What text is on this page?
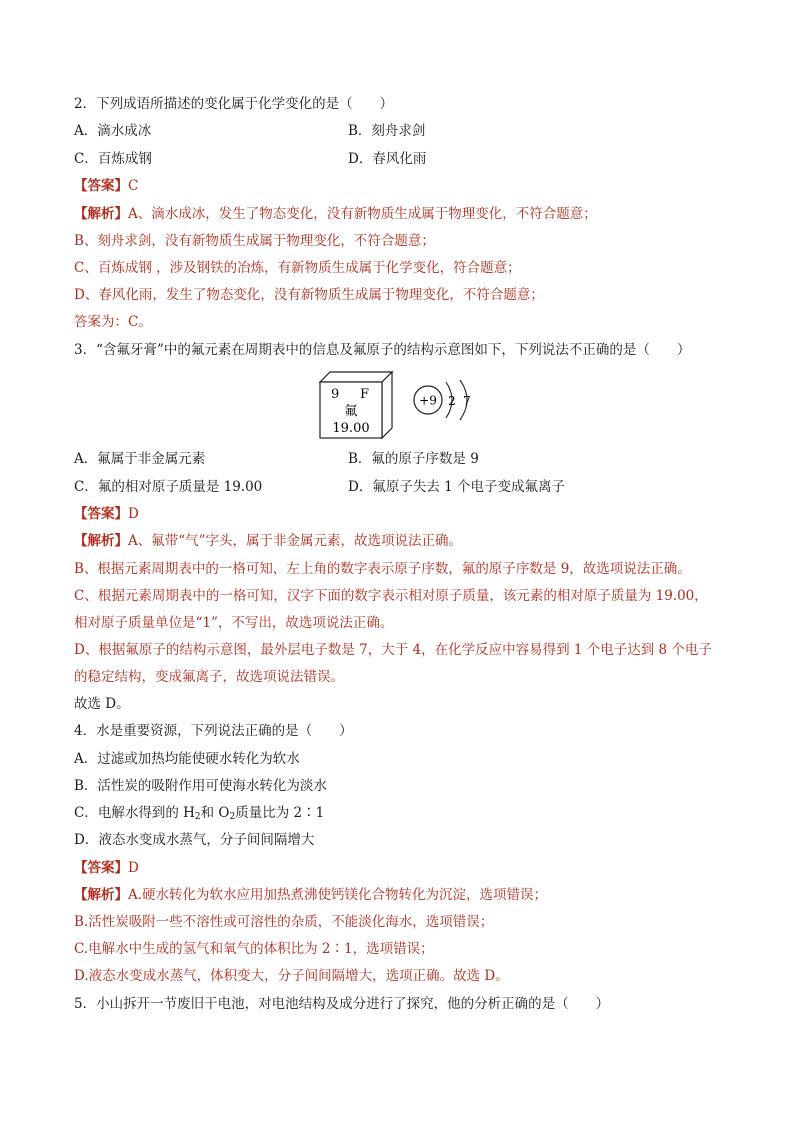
2．下列成语所描述的变化属于化学变化的是（　　）
A．滴水成冰	B．刻舟求剑
C．百炼成钢	D．春风化雨
【答案】C
【解析】A、滴水成冰，发生了物态变化，没有新物质生成属于物理变化，不符合题意；
B、刻舟求剑，没有新物质生成属于物理变化，不符合题意；
C、百炼成钢 ，涉及钢铁的冶炼，有新物质生成属于化学变化，符合题意；
D、春风化雨，发生了物态变化，没有新物质生成属于物理变化，不符合题意；
答案为：C。
3．“含氟牙膏”中的氟元素在周期表中的信息及氟原子的结构示意图如下，下列说法不正确的是（　　）
9 F
氟
19.00
+9 2 7
A．氟属于非金属元素	B．氟的原子序数是 9
C．氟的相对原子质量是 19.00	D．氟原子失去 1 个电子变成氟离子
【答案】D
【解析】A、氟带“气”字头，属于非金属元素，故选项说法正确。
B、根据元素周期表中的一格可知，左上角的数字表示原子序数，氟的原子序数是 9，故选项说法正确。
C、根据元素周期表中的一格可知，汉字下面的数字表示相对原子质量，该元素的相对原子质量为 19.00，
相对原子质量单位是“1”，不写出，故选项说法正确。
D、根据氟原子的结构示意图，最外层电子数是 7，大于 4，在化学反应中容易得到 1 个电子达到 8 个电子
的稳定结构，变成氟离子，故选项说法错误。
故选 D。
4．水是重要资源，下列说法正确的是（　　）
A．过滤或加热均能使硬水转化为软水
B．活性炭的吸附作用可使海水转化为淡水
C．电解水得到的 $H_2$和 $O_2$质量比为 2∶1
D．液态水变成水蒸气，分子间间隔增大
【答案】D
【解析】A.硬水转化为软水应用加热煮沸使钙镁化合物转化为沉淀，选项错误；
B.活性炭吸附一些不溶性或可溶性的杂质，不能淡化海水，选项错误；
C.电解水中生成的氢气和氧气的体积比为 2∶1，选项错误；
D.液态水变成水蒸气，体积变大，分子间间隔增大，选项正确。故选 D。
5．小山拆开一节废旧干电池，对电池结构及成分进行了探究，他的分析正确的是（　　）
